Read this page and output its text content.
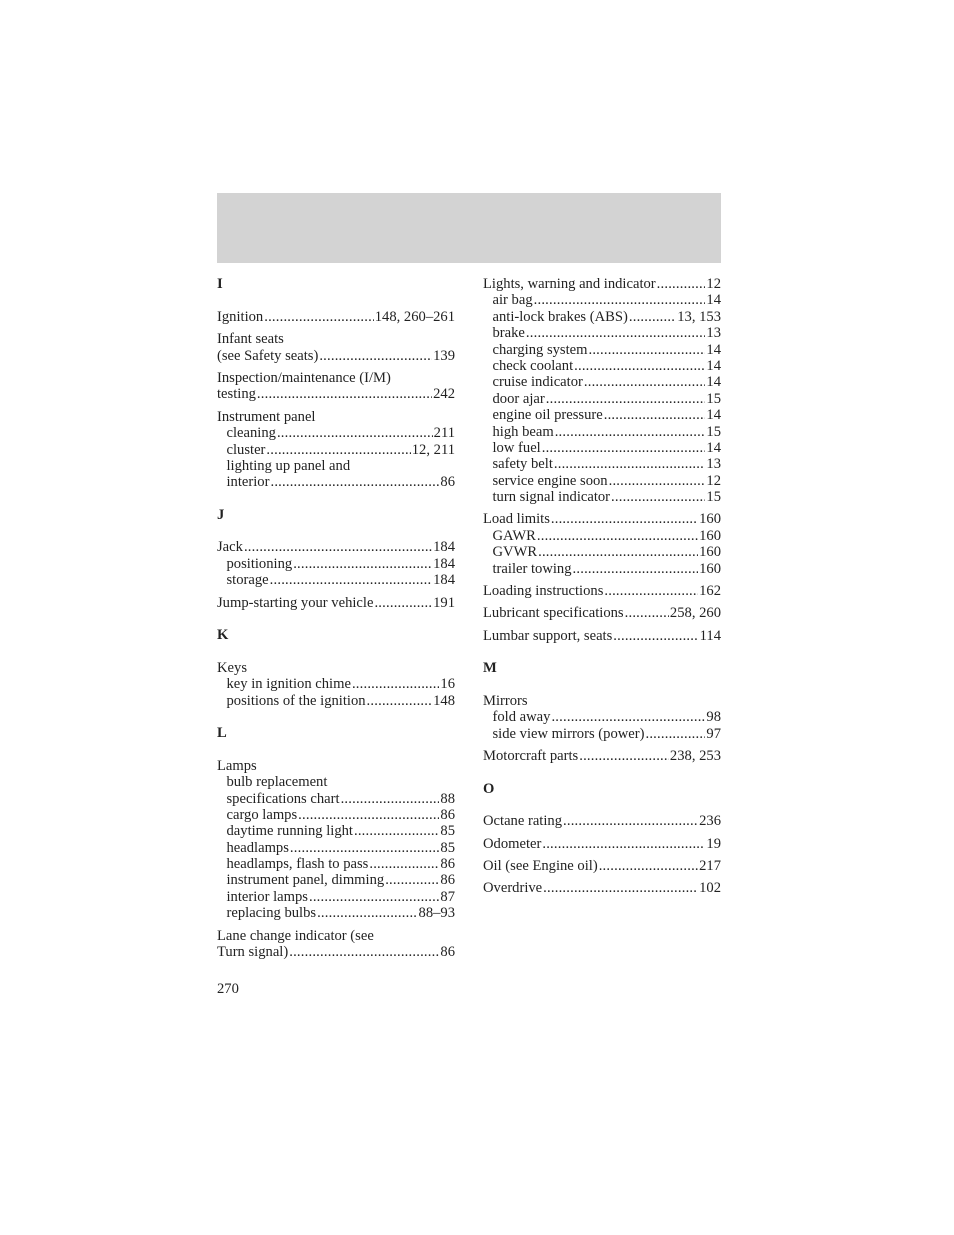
I
Ignition .....	148, 260–261
Infant seats
(see Safety seats) .....	139
Inspection/maintenance (I/M)
testing .....	242
Instrument panel
cleaning .....	211
cluster .....	12, 211
lighting up panel and
interior .....	86
J
Jack .....	184
positioning .....	184
storage .....	184
Jump-starting your vehicle .....	191
K
Keys
key in ignition chime .....	16
positions of the ignition .....	148
L
Lamps
bulb replacement
specifications chart .....	88
cargo lamps .....	86
daytime running light .....	85
headlamps .....	85
headlamps, flash to pass .....	86
instrument panel, dimming .....	86
interior lamps .....	87
replacing bulbs .....	88–93
Lane change indicator (see
Turn signal) .....	86
Lights, warning and indicator .....	12
air bag .....	14
anti-lock brakes (ABS) .....	13, 153
brake .....	13
charging system .....	14
check coolant .....	14
cruise indicator .....	14
door ajar .....	15
engine oil pressure .....	14
high beam .....	15
low fuel .....	14
safety belt .....	13
service engine soon .....	12
turn signal indicator .....	15
Load limits .....	160
GAWR .....	160
GVWR .....	160
trailer towing .....	160
Loading instructions .....	162
Lubricant specifications .....	258, 260
Lumbar support, seats .....	114
M
Mirrors
fold away .....	98
side view mirrors (power) .....	97
Motorcraft parts .....	238, 253
O
Octane rating .....	236
Odometer .....	19
Oil (see Engine oil) .....	217
Overdrive .....	102
270
